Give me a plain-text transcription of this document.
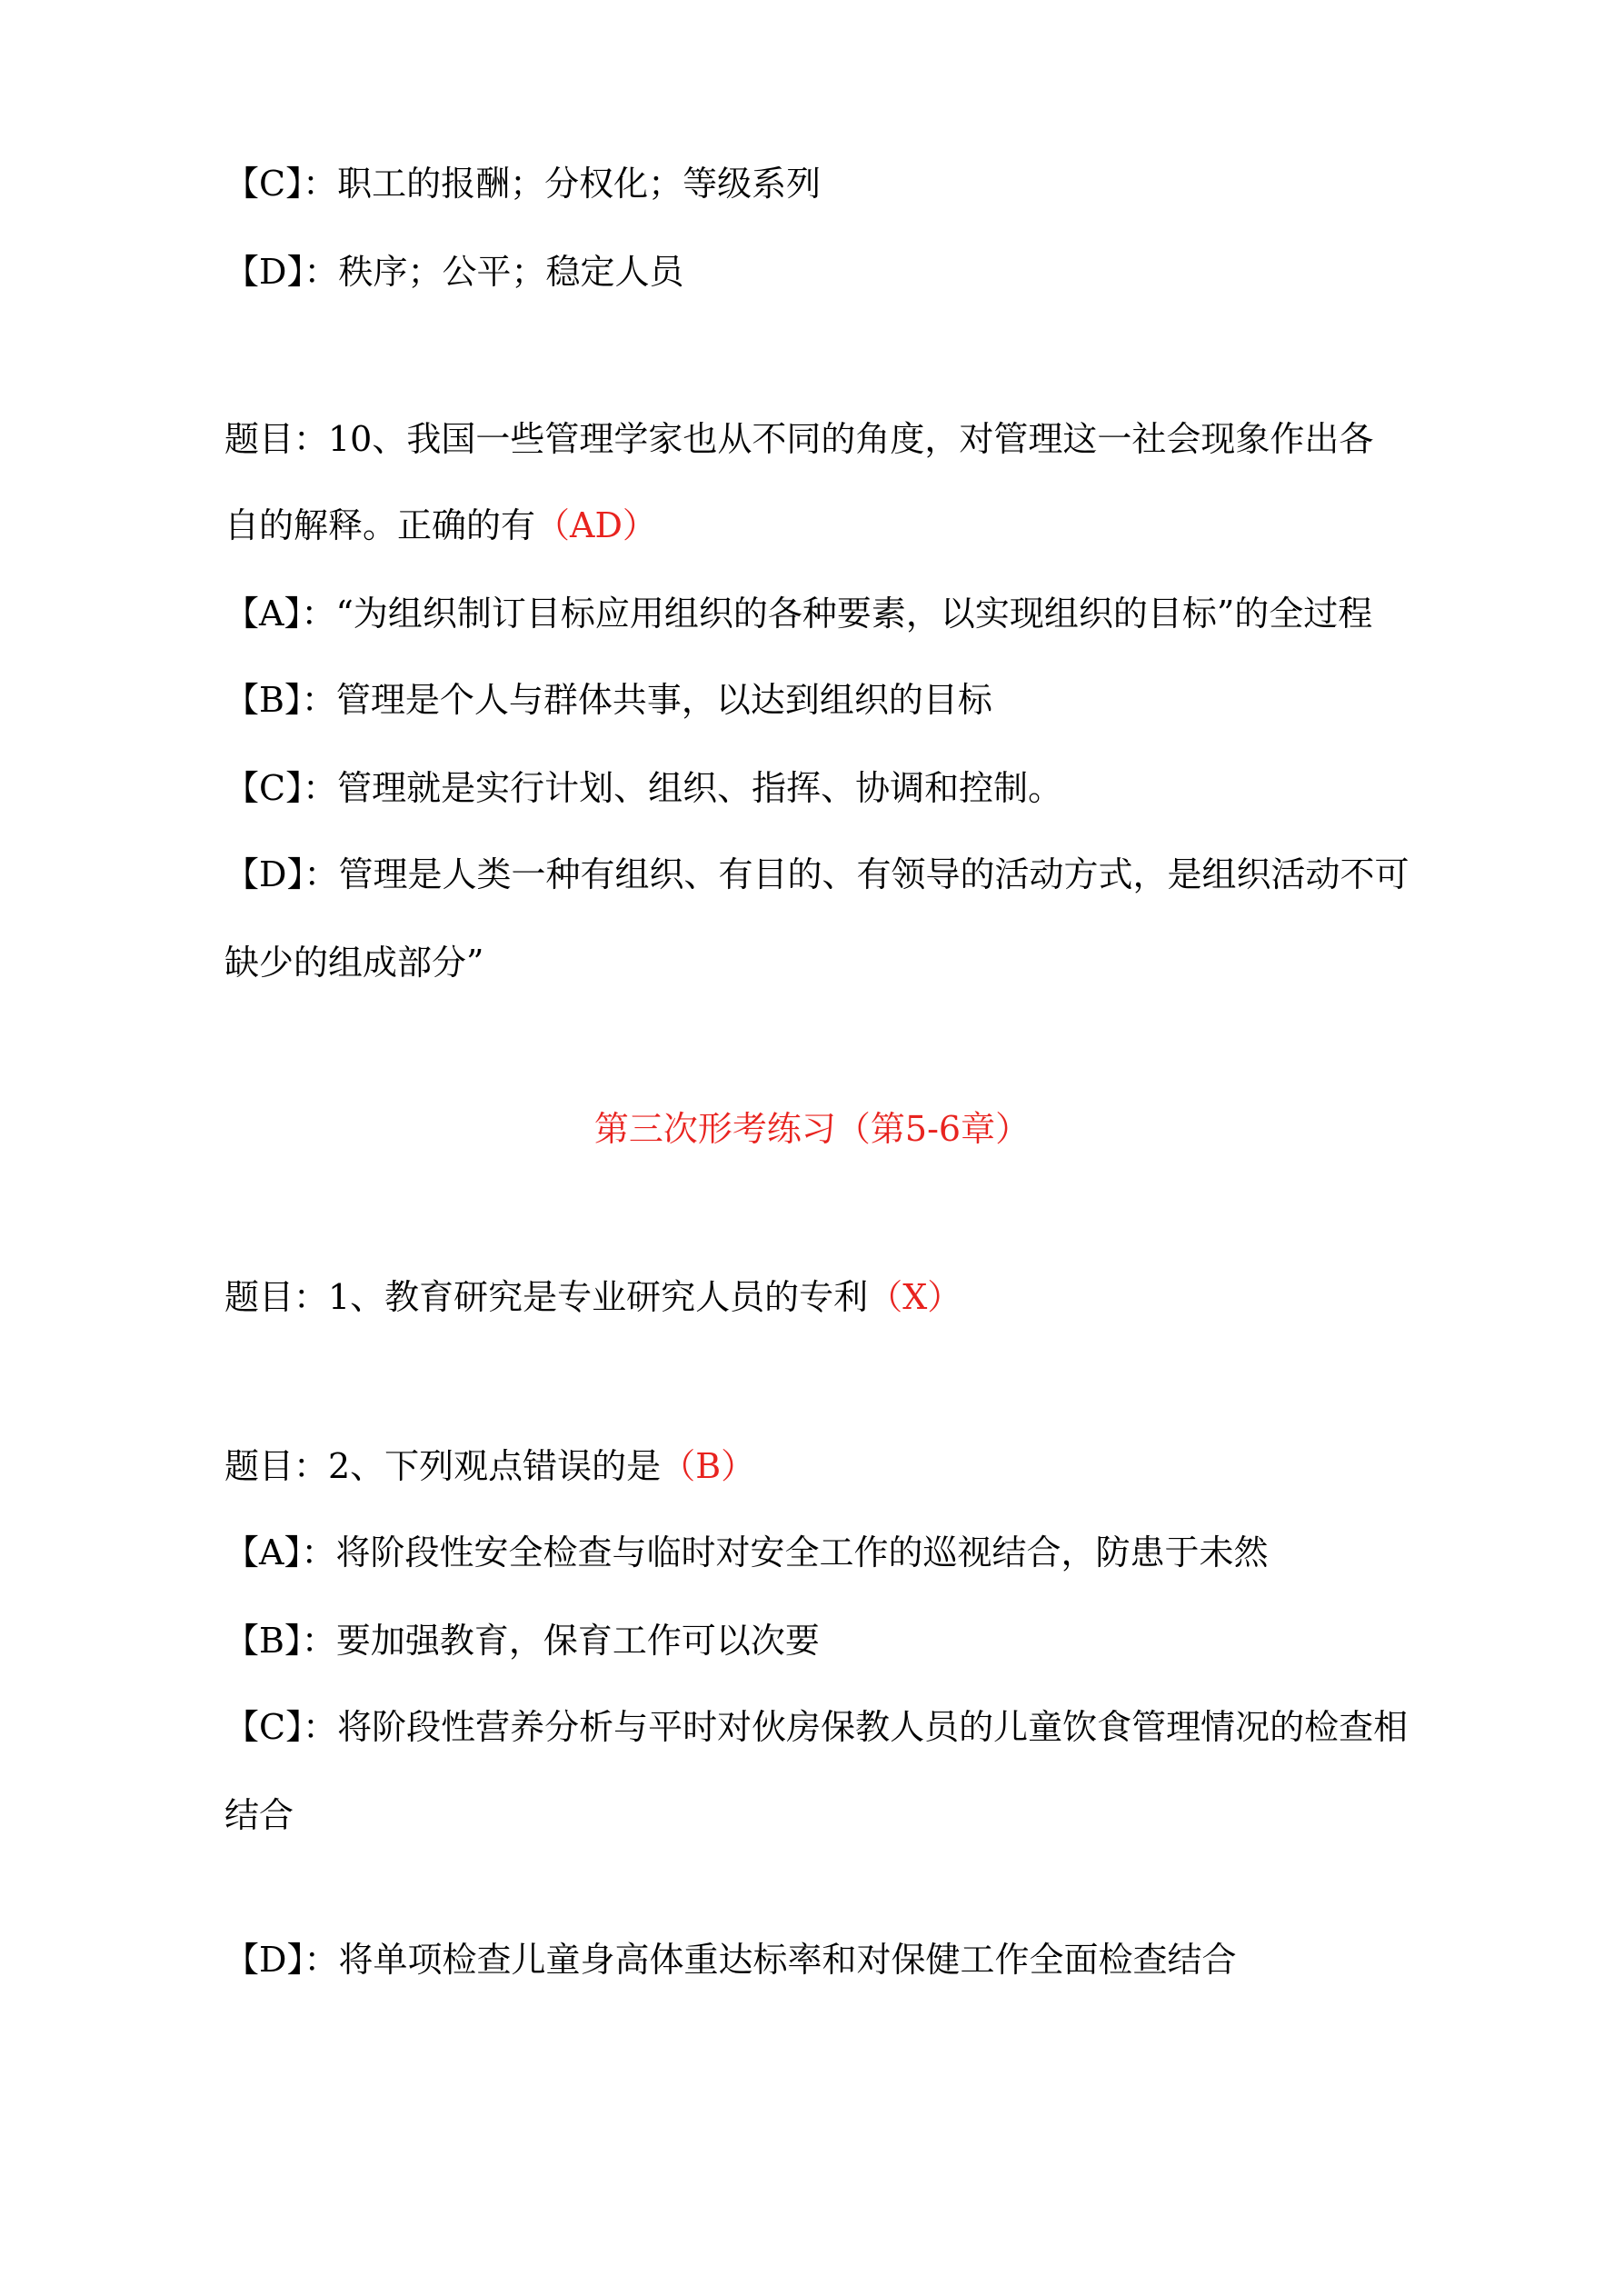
【C】：职工的报酬；分权化；等级系列
【D】：秩序；公平；稳定人员
题目：10、我国一些管理学家也从不同的角度，对管理这一社会现象作出各
自的解释。正确的有（AD）
【A】：“为组织制订目标应用组织的各种要素，以实现组织的目标”的全过程
【B】：管理是个人与群体共事，以达到组织的目标
【C】：管理就是实行计划、组织、指挥、协调和控制。
【D】：管理是人类一种有组织、有目的、有领导的活动方式，是组织活动不可
缺少的组成部分”
第三次形考练习（第5-6章）
题目：1、教育研究是专业研究人员的专利（X）
题目：2、下列观点错误的是（B）
【A】：将阶段性安全检查与临时对安全工作的巡视结合，防患于未然
【B】：要加强教育，保育工作可以次要
【C】：将阶段性营养分析与平时对伙房保教人员的儿童饮食管理情况的检查相
结合
【D】：将单项检查儿童身高体重达标率和对保健工作全面检查结合
